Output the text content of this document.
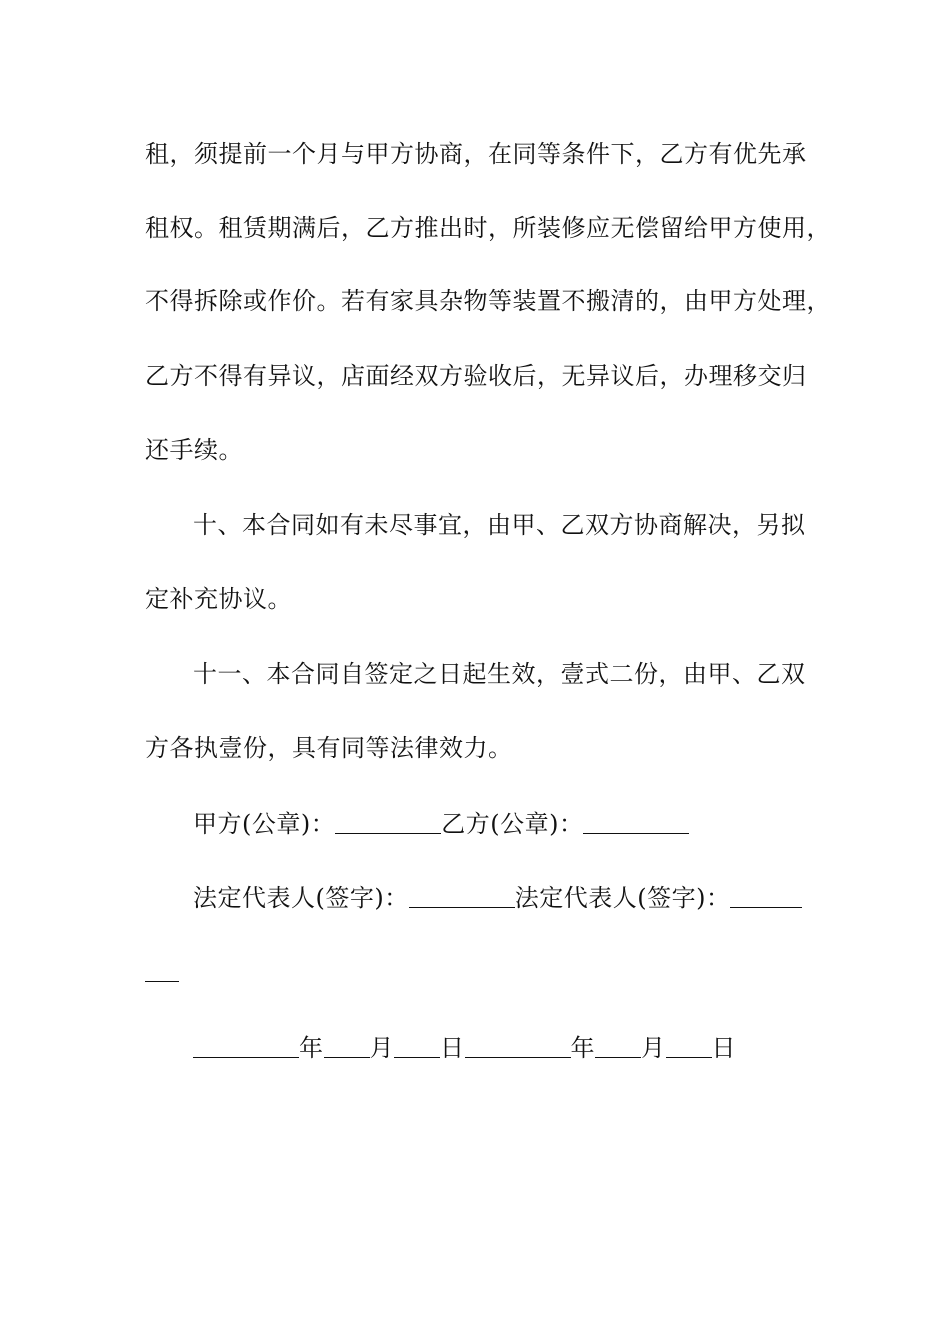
租，须提前一个月与甲方协商，在同等条件下，乙方有优先承
租权。租赁期满后，乙方推出时，所装修应无偿留给甲方使用，
不得拆除或作价。若有家具杂物等装置不搬清的，由甲方处理，
乙方不得有异议，店面经双方验收后，无异议后，办理移交归
还手续。
十、本合同如有未尽事宜，由甲、乙双方协商解决，另拟
定补充协议。
十一、本合同自签定之日起生效，壹式二份，由甲、乙双
方各执壹份，具有同等法律效力。
甲方(公章)：	乙方(公章)：
法定代表人(签字)：	法定代表人(签字)：
年 月 日	年 月 日
